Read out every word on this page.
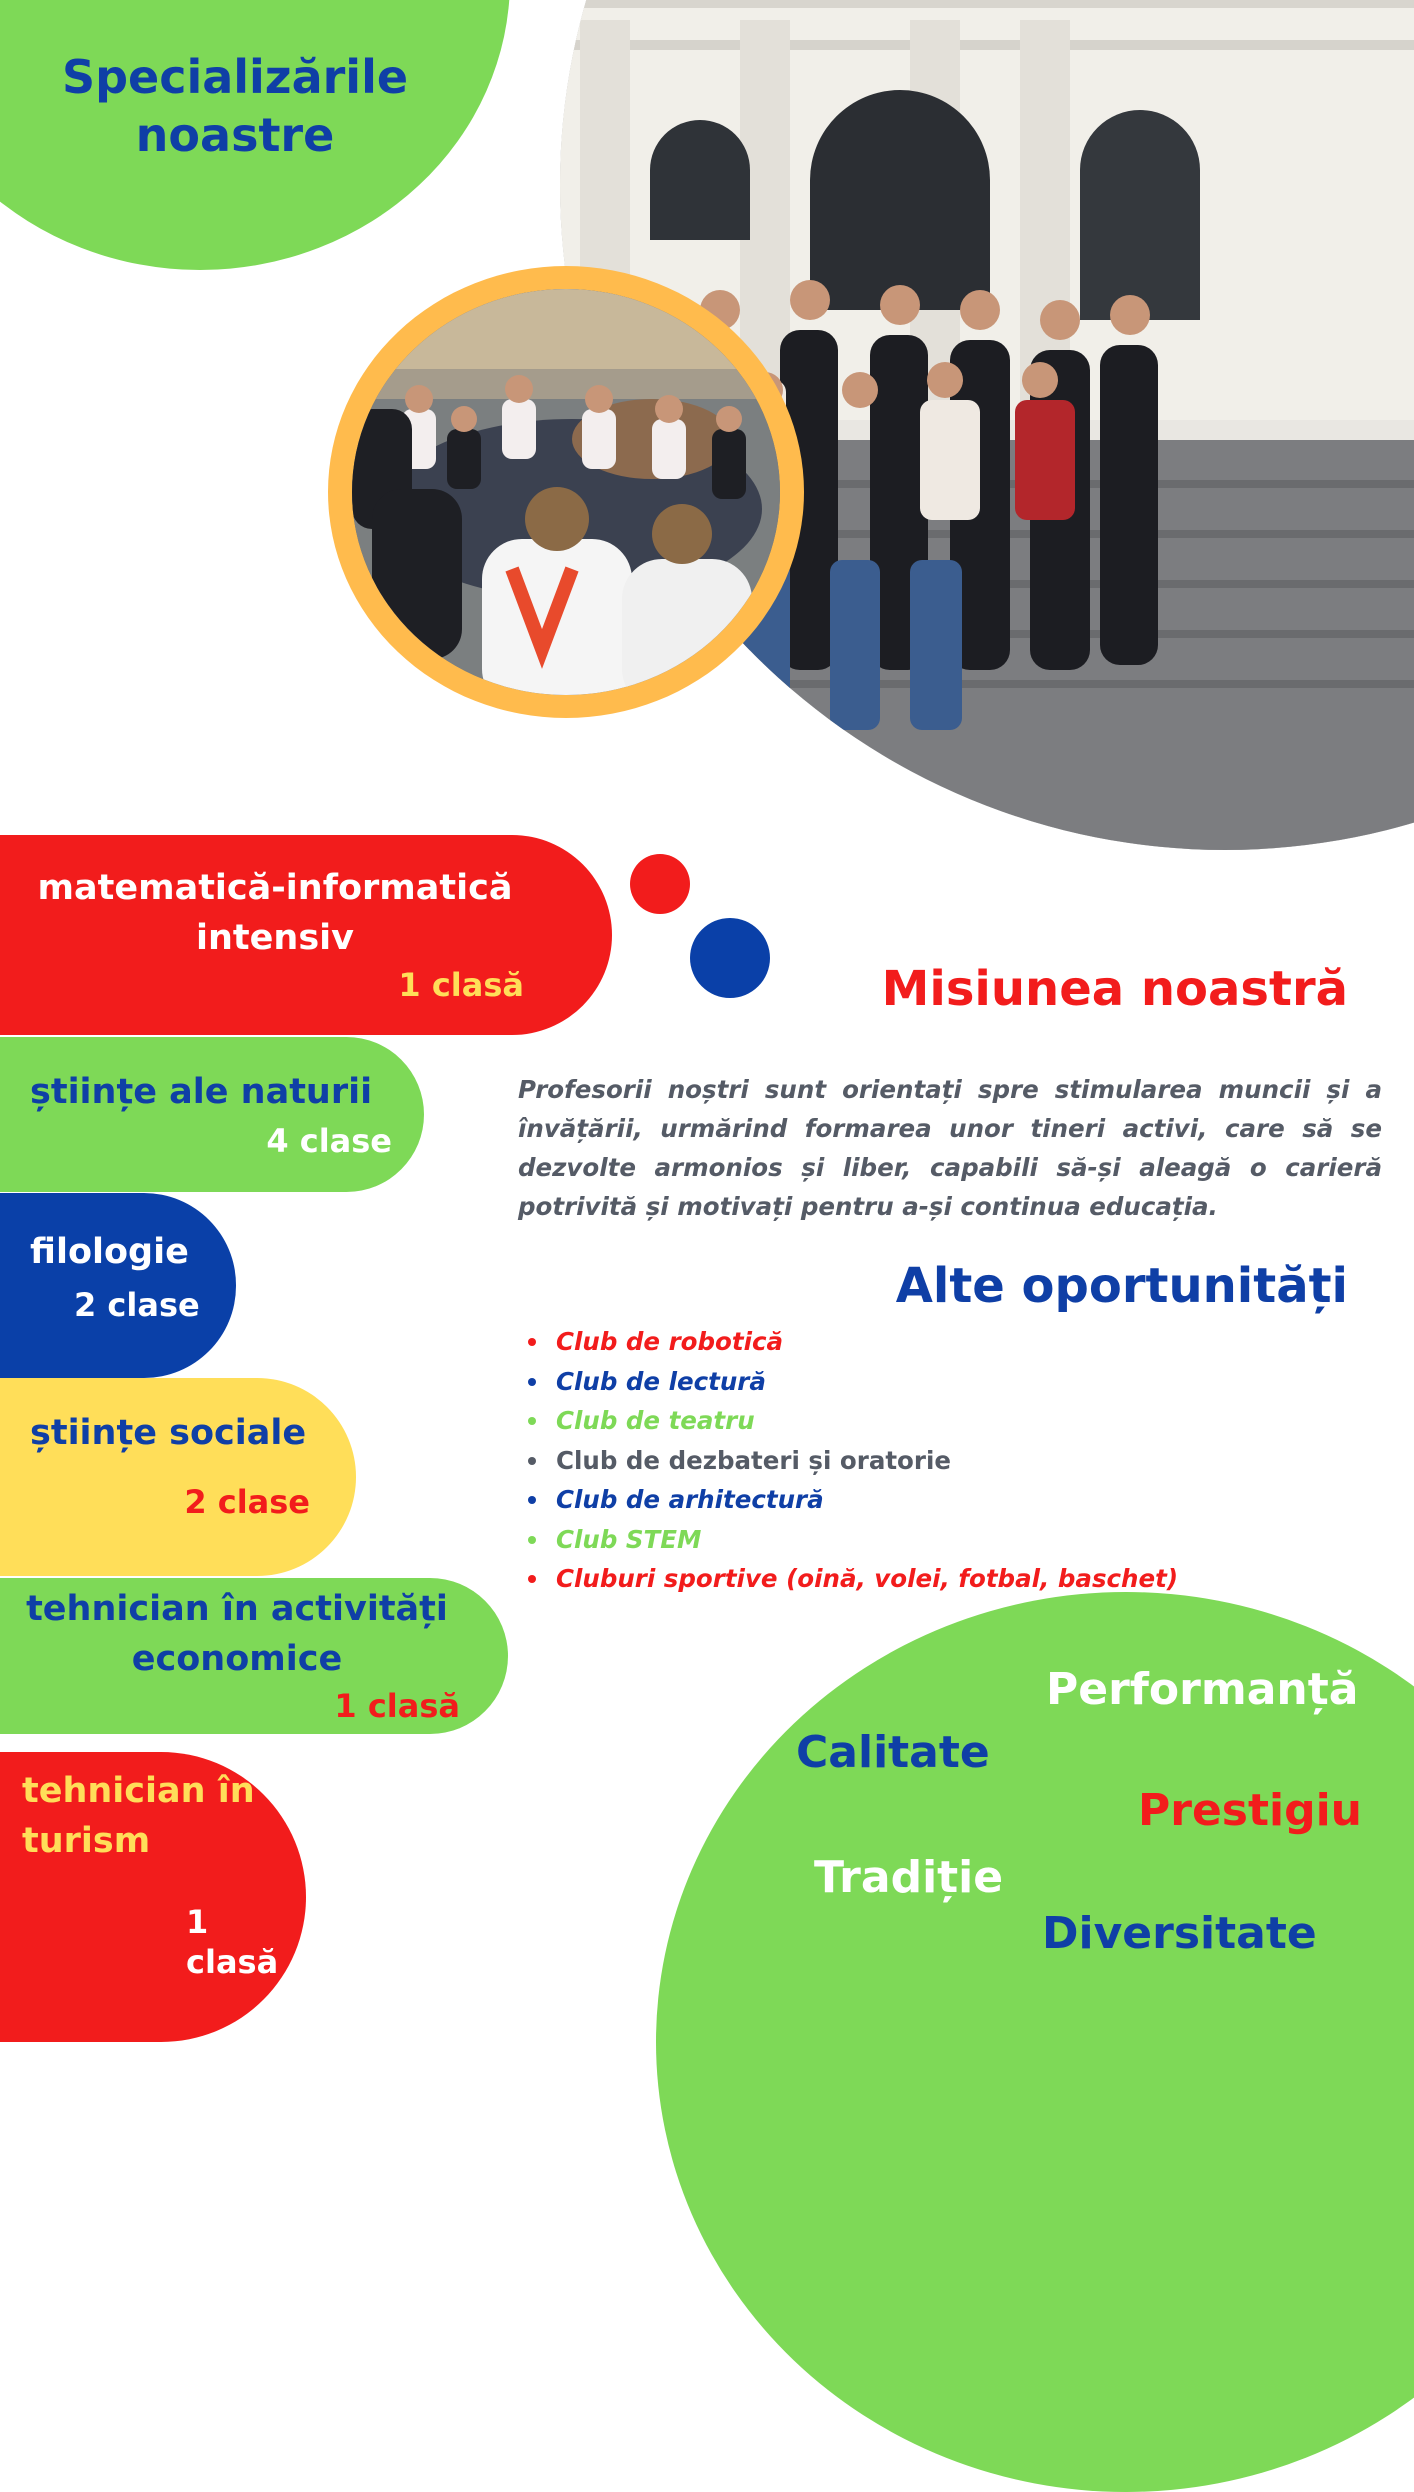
Specializările
noastre
matematică-informatică
intensiv
1 clasă
științe ale naturii
4 clase
filologie
2 clase
științe sociale
2 clase
tehnician în activități
economice
1 clasă
tehnician în
turism
1 clasă
Misiunea noastră
Profesorii noștri sunt orientați spre stimularea muncii și a învățării, urmărind formarea unor tineri activi, care să se dezvolte armonios și liber, capabili să-și aleagă o carieră potrivită și motivați pentru a-și continua educația.
Alte oportunități
Club de robotică
Club de lectură
Club de teatru
Club de dezbateri și oratorie
Club de arhitectură
Club STEM
Cluburi sportive (oină, volei, fotbal, baschet)
Performanță
Calitate
Prestigiu
Tradiție
Diversitate
